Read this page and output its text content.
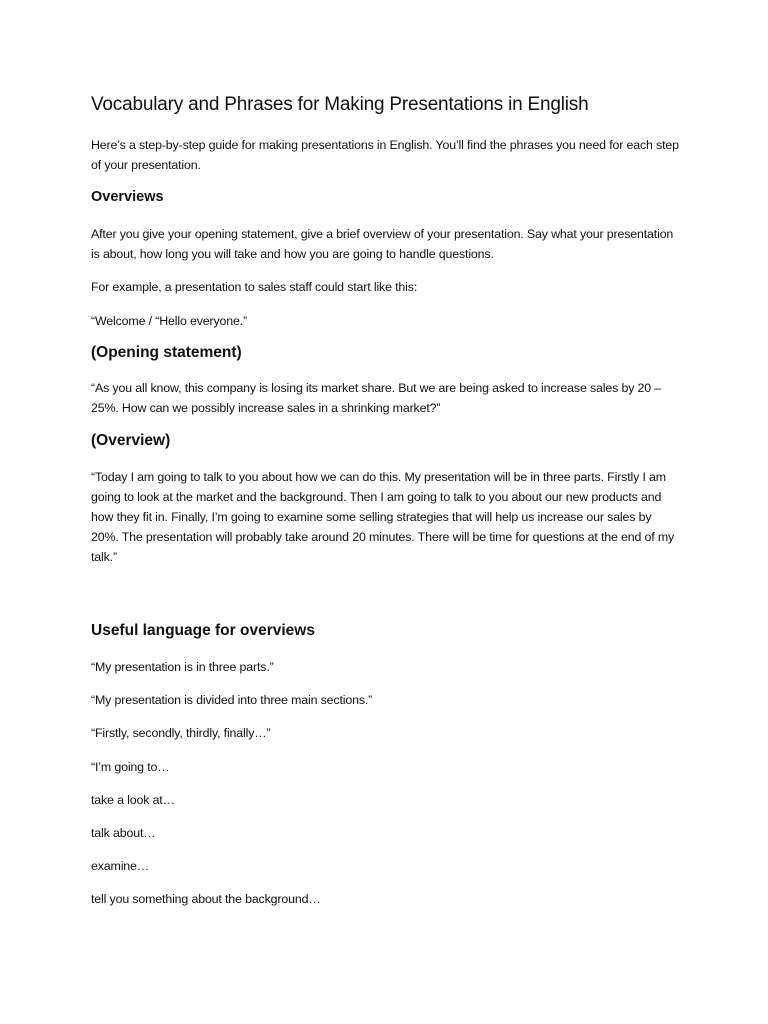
Vocabulary and Phrases for Making Presentations in English

Here’s a step-by-step guide for making presentations in English. You’ll find the phrases you need for each step of your presentation.

Overviews

After you give your opening statement, give a brief overview of your presentation. Say what your presentation is about, how long you will take and how you are going to handle questions.

For example, a presentation to sales staff could start like this:

“Welcome / “Hello everyone.”

(Opening statement)

“As you all know, this company is losing its market share. But we are being asked to increase sales by 20 – 25%. How can we possibly increase sales in a shrinking market?”

(Overview)

“Today I am going to talk to you about how we can do this. My presentation will be in three parts. Firstly I am going to look at the market and the background. Then I am going to talk to you about our new products and how they fit in. Finally, I’m going to examine some selling strategies that will help us increase our sales by 20%. The presentation will probably take around 20 minutes. There will be time for questions at the end of my talk.”

Useful language for overviews

“My presentation is in three parts.”

“My presentation is divided into three main sections.”

“Firstly, secondly, thirdly, finally…”

“I’m going to…

take a look at…

talk about…

examine…

tell you something about the background…
